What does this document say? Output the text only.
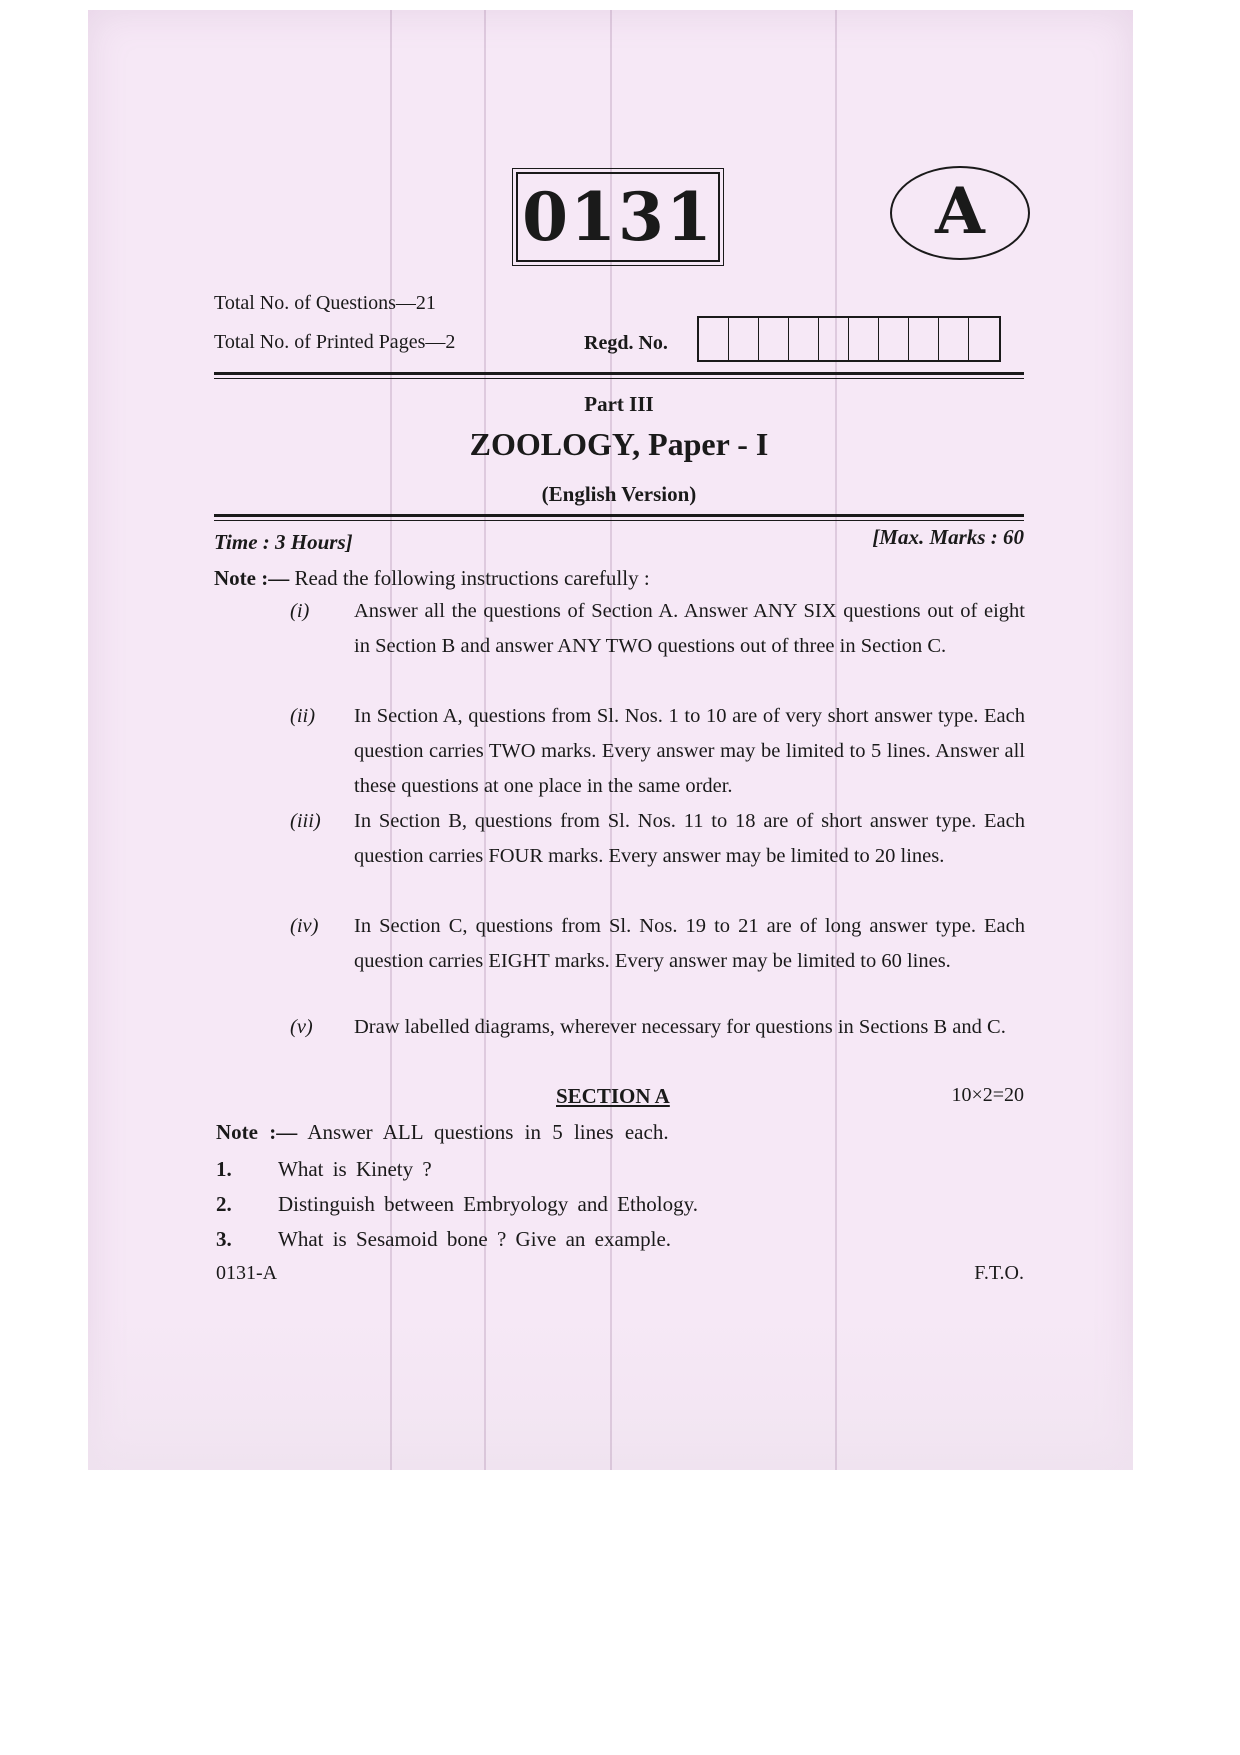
0131	A
Total No. of Questions—21
Total No. of Printed Pages—2	Regd. No.
Part III
ZOOLOGY, Paper - I
(English Version)
Time : 3 Hours]	[Max. Marks : 60
Note :— Read the following instructions carefully :
(i)	Answer all the questions of Section A. Answer ANY SIX questions out of eight in Section B and answer ANY TWO questions out of three in Section C.
(ii)	In Section A, questions from Sl. Nos. 1 to 10 are of very short answer type. Each question carries TWO marks. Every answer may be limited to 5 lines. Answer all these questions at one place in the same order.
(iii)	In Section B, questions from Sl. Nos. 11 to 18 are of short answer type. Each question carries FOUR marks. Every answer may be limited to 20 lines.
(iv)	In Section C, questions from Sl. Nos. 19 to 21 are of long answer type. Each question carries EIGHT marks. Every answer may be limited to 60 lines.
(v)	Draw labelled diagrams, wherever necessary for questions in Sections B and C.
SECTION A	10×2=20
Note :— Answer ALL questions in 5 lines each.
1.	What is Kinety ?
2.	Distinguish between Embryology and Ethology.
3.	What is Sesamoid bone ? Give an example.
0131-A	F.T.O.
